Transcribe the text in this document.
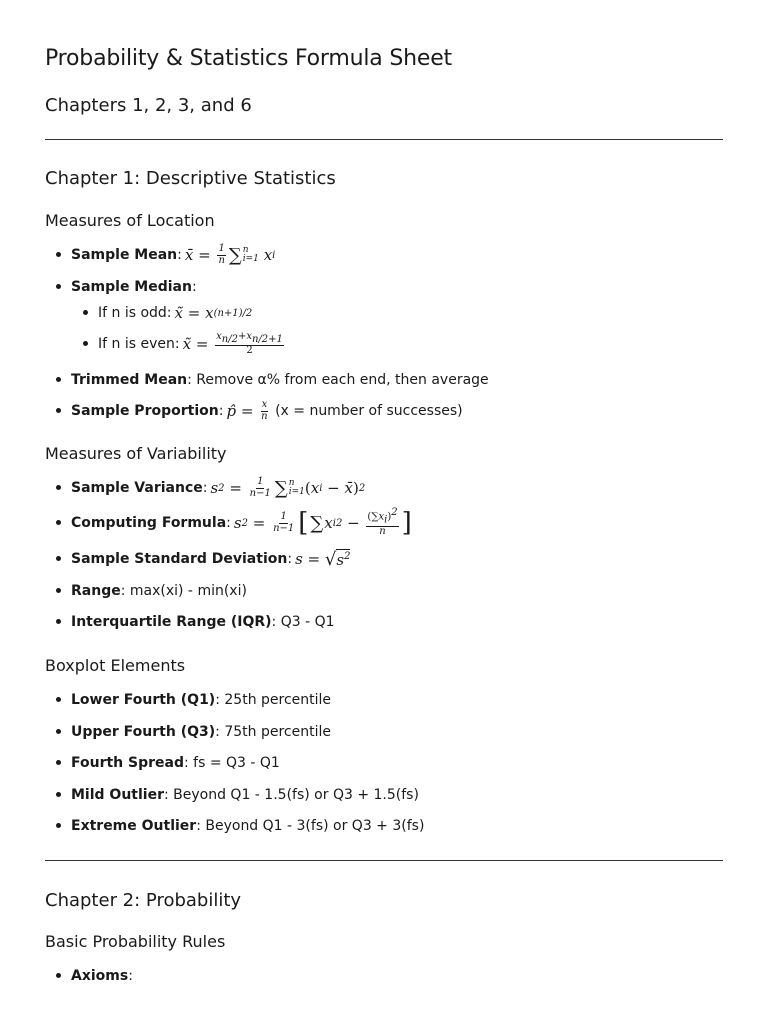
Probability & Statistics Formula Sheet
Chapters 1, 2, 3, and 6
Chapter 1: Descriptive Statistics
Measures of Location
Sample Mean : x̄ = $\frac{1}{n}$ ∑ n
i=1 x i
Sample Median :
If n is odd: x̃ = x (n+1)/2
If n is even: x̃ = $\frac{x_{n/2}+x_{n/2+1}}{2}$
Trimmed Mean : Remove α% from each end, then average
Sample Proportion : p̂ = $\frac{x}{n}$
(x = number of successes)
Measures of Variability
Sample Variance : s $2 = \frac{1}{n-1}$ ∑ n
i=1 ( x i − x̄ ) 2
Computing Formula : s $2 = \frac{1}{n-1}$ [ ∑ x i $2 - \frac{(\sum x_i)^2}{n}$ ]
Sample Standard Deviation : s = √ $s^2$
Range : max(xi) - min(xi)
Interquartile Range (IQR) : Q3 - Q1
Boxplot Elements
Lower Fourth (Q1) : 25th percentile
Upper Fourth (Q3) : 75th percentile
Fourth Spread : fs = Q3 - Q1
Mild Outlier : Beyond Q1 - 1.5(fs) or Q3 + 1.5(fs)
Extreme Outlier : Beyond Q1 - 3(fs) or Q3 + 3(fs)
Chapter 2: Probability
Basic Probability Rules
Axioms :
